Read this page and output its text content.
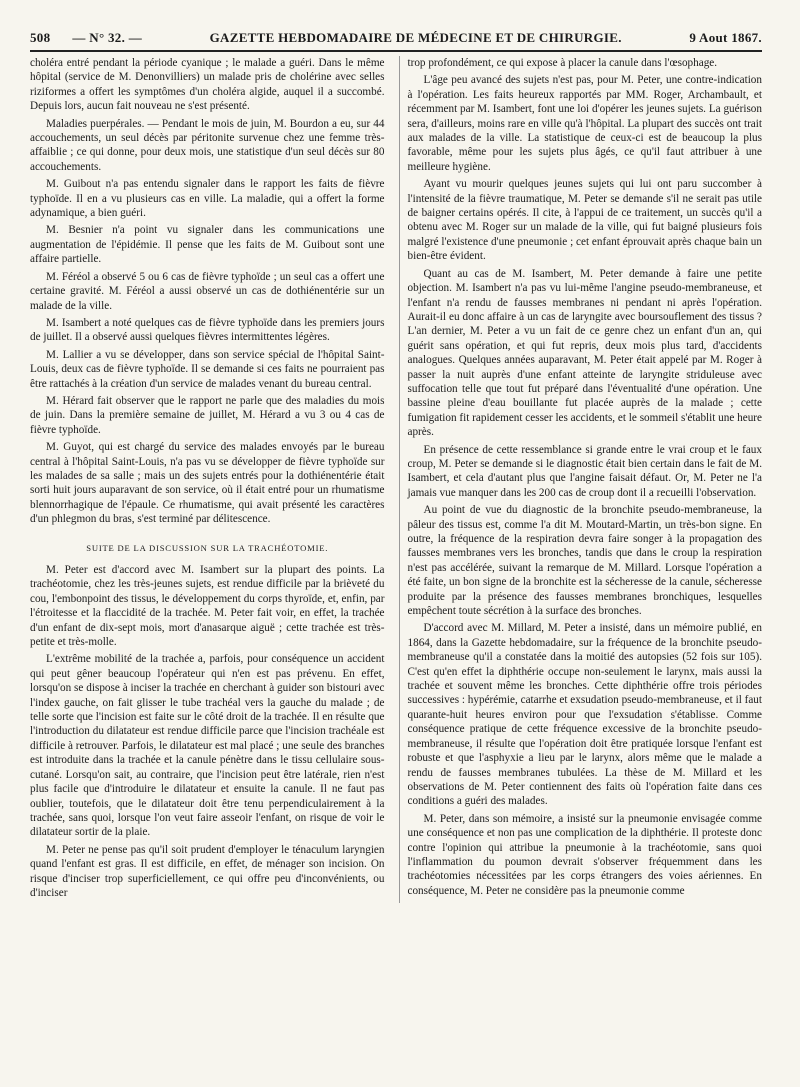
508 — N° 32. —	GAZETTE HEBDOMADAIRE DE MÉDECINE ET DE CHIRURGIE.	9 Aout 1867.

choléra entré pendant la période cyanique ; le malade a guéri. Dans le même hôpital (service de M. Denonvilliers) un malade pris de cholérine avec selles riziformes a offert les symptômes d'un choléra algide, auquel il a succombé. Depuis lors, aucun fait nouveau ne s'est présenté.

Maladies puerpérales. — Pendant le mois de juin, M. Bourdon a eu, sur 44 accouchements, un seul décès par péritonite survenue chez une femme très-affaiblie ; ce qui donne, pour deux mois, une statistique d'un seul décès sur 80 accouchements.

M. Guibout n'a pas entendu signaler dans le rapport les faits de fièvre typhoïde. Il en a vu plusieurs cas en ville. La maladie, qui a offert la forme adynamique, a bien guéri.

M. Besnier n'a point vu signaler dans les communications une augmentation de l'épidémie. Il pense que les faits de M. Guibout sont une affaire partielle.

M. Féréol a observé 5 ou 6 cas de fièvre typhoïde ; un seul cas a offert une certaine gravité. M. Féréol a aussi observé un cas de dothiénentérie sur un malade de la ville.

M. Isambert a noté quelques cas de fièvre typhoïde dans les premiers jours de juillet. Il a observé aussi quelques fièvres intermittentes légères.

M. Lallier a vu se développer, dans son service spécial de l'hôpital Saint-Louis, deux cas de fièvre typhoïde. Il se demande si ces faits ne pourraient pas être rattachés à la création d'un service de malades venant du bureau central.

M. Hérard fait observer que le rapport ne parle que des maladies du mois de juin. Dans la première semaine de juillet, M. Hérard a vu 3 ou 4 cas de fièvre typhoïde.

M. Guyot, qui est chargé du service des malades envoyés par le bureau central à l'hôpital Saint-Louis, n'a pas vu se développer de fièvre typhoïde sur les malades de sa salle ; mais un des sujets entrés pour la dothiénentérie était sorti huit jours auparavant de son service, où il était entré pour un rhumatisme blennorrhagique de l'épaule. Ce rhumatisme, qui avait présenté les caractères d'un phlegmon du bras, s'est terminé par délitescence.

SUITE DE LA DISCUSSION SUR LA TRACHÉOTOMIE.

M. Peter est d'accord avec M. Isambert sur la plupart des points. La trachéotomie, chez les très-jeunes sujets, est rendue difficile par la brièveté du cou, l'embonpoint des tissus, le développement du corps thyroïde, et, enfin, par l'étroitesse et la flaccidité de la trachée. M. Peter fait voir, en effet, la trachée d'un enfant de dix-sept mois, mort d'anasarque aiguë ; cette trachée est très-petite et très-molle.

L'extrême mobilité de la trachée a, parfois, pour conséquence un accident qui peut gêner beaucoup l'opérateur qui n'en est pas prévenu. En effet, lorsqu'on se dispose à inciser la trachée en cherchant à guider son bistouri avec l'index gauche, on fait glisser le tube trachéal vers la gauche du malade ; de telle sorte que l'incision est faite sur le côté droit de la trachée. Il en résulte que l'introduction du dilatateur est rendue difficile parce que l'incision trachéale est difficile à retrouver. Parfois, le dilatateur est mal placé ; une seule des branches est introduite dans la trachée et la canule pénètre dans le tissu cellulaire sous-cutané. Lorsqu'on sait, au contraire, que l'incision peut être latérale, rien n'est plus facile que d'introduire le dilatateur et ensuite la canule. Il ne faut pas oublier, toutefois, que le dilatateur doit être tenu perpendiculairement à la trachée, sans quoi, lorsque l'on veut faire asseoir l'enfant, on risque de voir le dilatateur sortir de la plaie.

M. Peter ne pense pas qu'il soit prudent d'employer le ténaculum laryngien quand l'enfant est gras. Il est difficile, en effet, de ménager son incision. On risque d'inciser trop superficiellement, ce qui offre peu d'inconvénients, ou d'inciser

trop profondément, ce qui expose à placer la canule dans l'œsophage.

L'âge peu avancé des sujets n'est pas, pour M. Peter, une contre-indication à l'opération. Les faits heureux rapportés par MM. Roger, Archambault, et récemment par M. Isambert, font une loi d'opérer les jeunes sujets. La guérison sera, d'ailleurs, moins rare en ville qu'à l'hôpital. La plupart des succès ont trait aux malades de la ville. La statistique de ceux-ci est de beaucoup la plus favorable, même pour les sujets plus âgés, ce qu'il faut attribuer à une meilleure hygiène.

Ayant vu mourir quelques jeunes sujets qui lui ont paru succomber à l'intensité de la fièvre traumatique, M. Peter se demande s'il ne serait pas utile de baigner certains opérés. Il cite, à l'appui de ce traitement, un succès qu'il a obtenu avec M. Roger sur un malade de la ville, qui fut baigné plusieurs fois malgré l'existence d'une pneumonie ; cet enfant éprouvait après chaque bain un bien-être évident.

Quant au cas de M. Isambert, M. Peter demande à faire une petite objection. M. Isambert n'a pas vu lui-même l'angine pseudo-membraneuse, et l'enfant n'a rendu de fausses membranes ni pendant ni après l'opération. Aurait-il eu donc affaire à un cas de laryngite avec boursouflement des tissus ? L'an dernier, M. Peter a vu un fait de ce genre chez un enfant d'un an, qui guérit sans opération, et qui fut repris, deux mois plus tard, d'accidents analogues. Quelques années auparavant, M. Peter était appelé par M. Roger à passer la nuit auprès d'une enfant atteinte de laryngite striduleuse avec suffocation telle que tout fut préparé dans l'éventualité d'une opération. Une bassine pleine d'eau bouillante fut placée auprès de la malade ; cette fumigation fit rapidement cesser les accidents, et le sommeil s'établit une heure après.

En présence de cette ressemblance si grande entre le vrai croup et le faux croup, M. Peter se demande si le diagnostic était bien certain dans le fait de M. Isambert, et cela d'autant plus que l'angine faisait défaut. Or, M. Peter ne l'a jamais vue manquer dans les 200 cas de croup dont il a recueilli l'observation.

Au point de vue du diagnostic de la bronchite pseudo-membraneuse, la pâleur des tissus est, comme l'a dit M. Moutard-Martin, un très-bon signe. En outre, la fréquence de la respiration devra faire songer à la propagation des fausses membranes vers les bronches, tandis que dans le croup la respiration n'est pas accélérée, suivant la remarque de M. Millard. Lorsque l'opération a été faite, un bon signe de la bronchite est la sécheresse de la canule, sécheresse produite par la présence des fausses membranes bronchiques, lesquelles empêchent toute sécrétion à la surface des bronches.

D'accord avec M. Millard, M. Peter a insisté, dans un mémoire publié, en 1864, dans la Gazette hebdomadaire, sur la fréquence de la bronchite pseudo-membraneuse qu'il a constatée dans la moitié des autopsies (52 fois sur 105). C'est qu'en effet la diphthérie occupe non-seulement le larynx, mais aussi la trachée et souvent même les bronches. Cette diphthérie offre trois périodes successives : hypérémie, catarrhe et exsudation pseudo-membraneuse, et il faut quarante-huit heures environ pour que l'exsudation s'établisse. Comme conséquence pratique de cette fréquence excessive de la bronchite pseudo-membraneuse, il résulte que l'opération doit être pratiquée lorsque l'enfant est robuste et que l'asphyxie a lieu par le larynx, alors même que le malade a rendu de fausses membranes tubulées. La thèse de M. Millard et les observations de M. Peter contiennent des faits où l'opération faite dans ces conditions a guéri des malades.

M. Peter, dans son mémoire, a insisté sur la pneumonie envisagée comme une conséquence et non pas une complication de la diphthérie. Il proteste donc contre l'opinion qui attribue la pneumonie à la trachéotomie, sans quoi l'inflammation du poumon devrait s'observer fréquemment dans les trachéotomies nécessitées par les corps étrangers des voies aériennes. En conséquence, M. Peter ne considère pas la pneumonie comme
